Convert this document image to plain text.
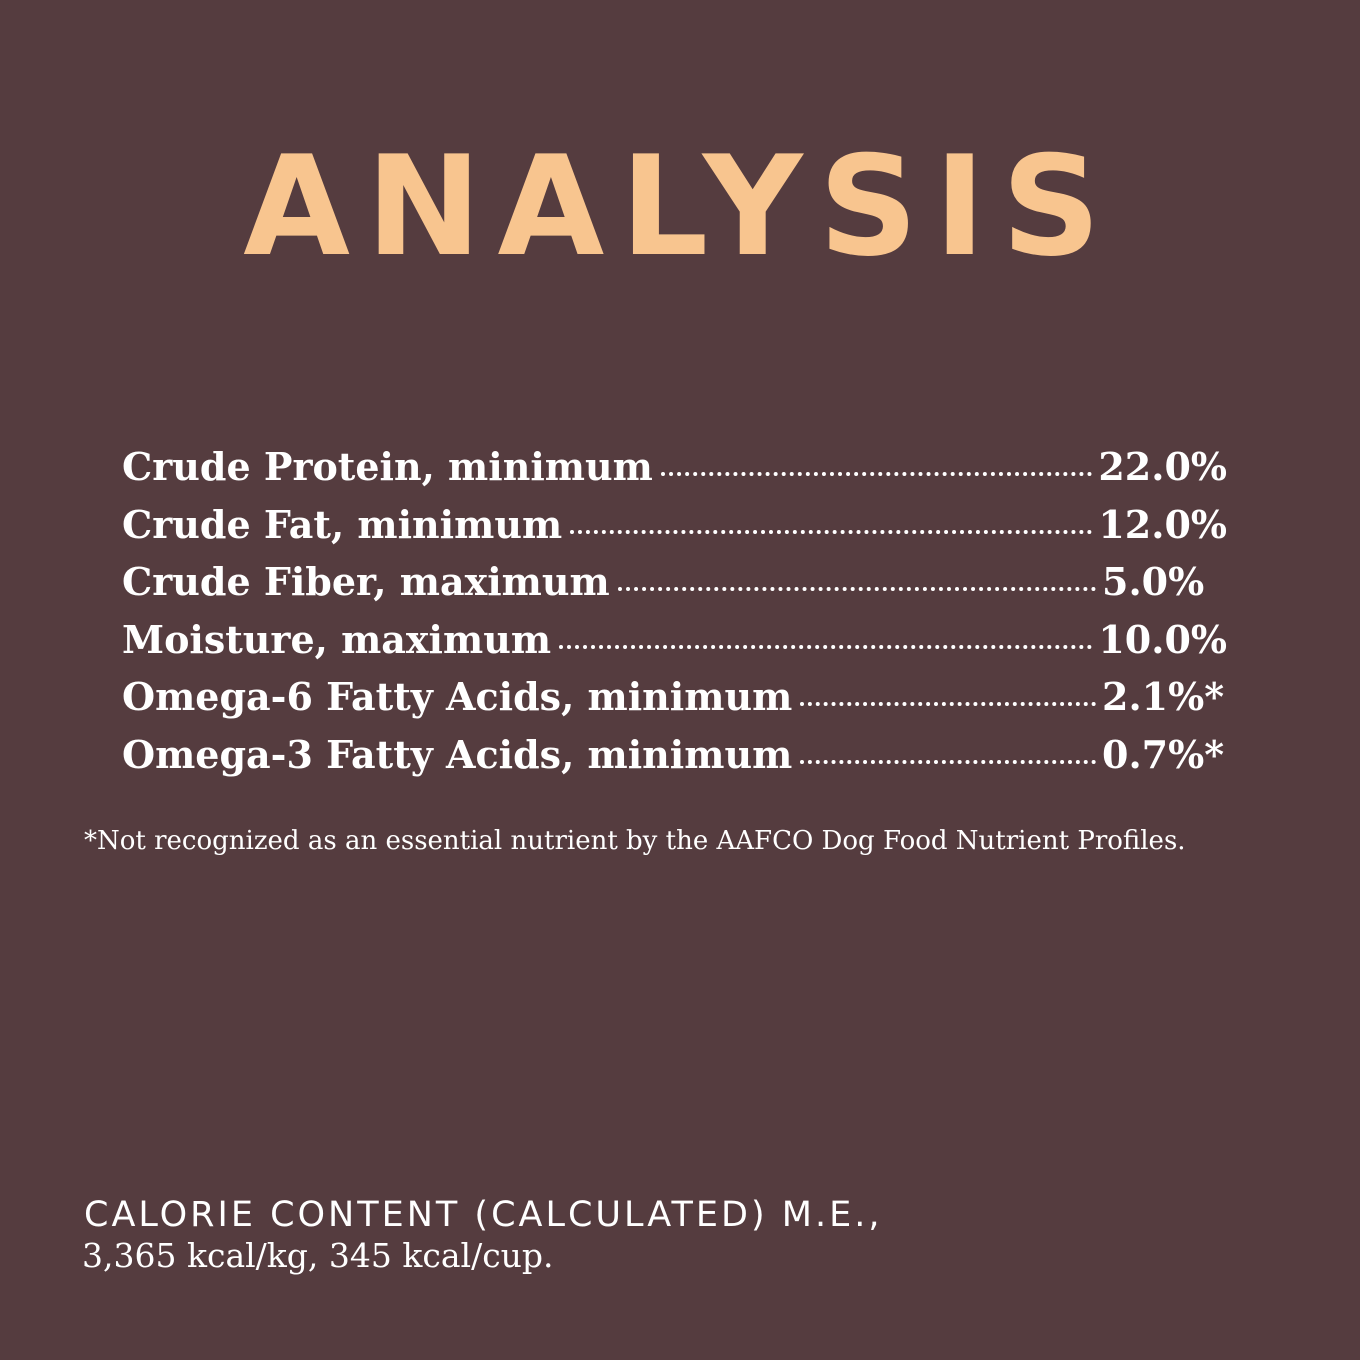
ANALYSIS
Crude Protein, minimum	22.0%
Crude Fat, minimum	12.0%
Crude Fiber, maximum	5.0%
Moisture, maximum	10.0%
Omega-6 Fatty Acids, minimum	2.1%*
Omega-3 Fatty Acids, minimum	0.7%*

*Not recognized as an essential nutrient by the AAFCO Dog Food Nutrient Profiles.

CALORIE CONTENT (CALCULATED) M.E.,

3,365 kcal/kg, 345 kcal/cup.
